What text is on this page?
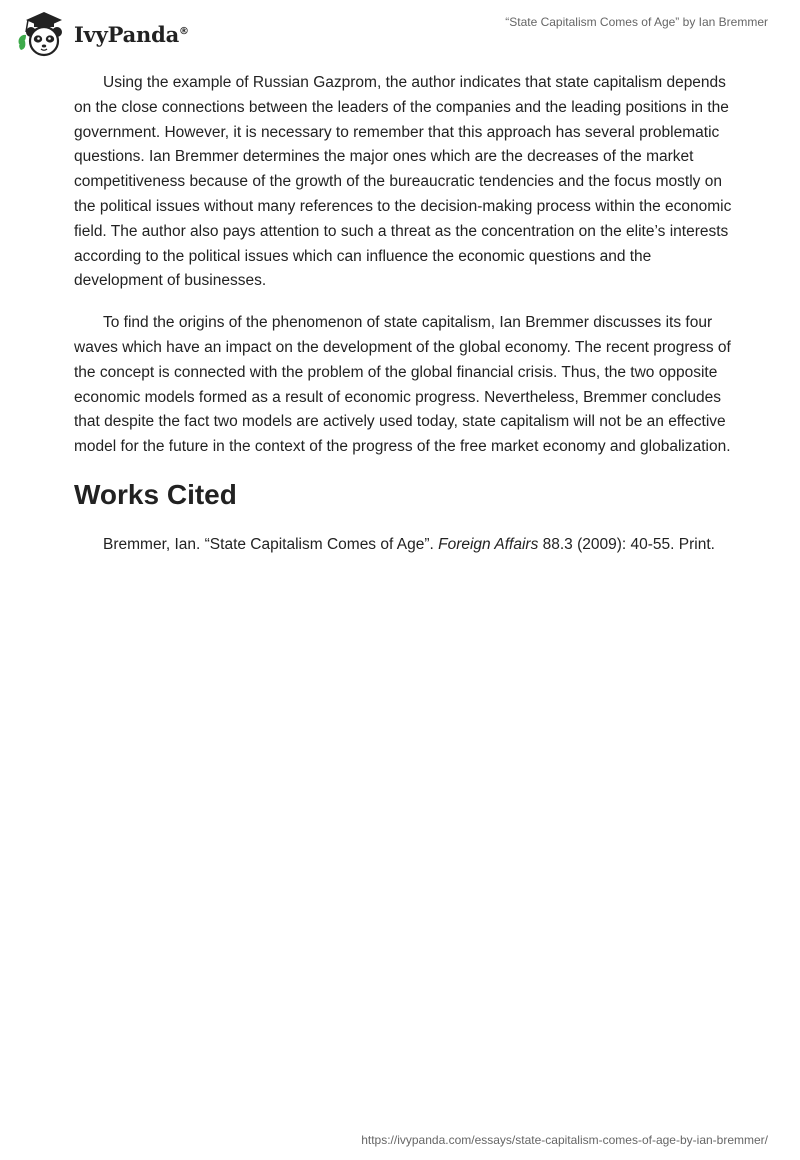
IvyPanda®
“State Capitalism Comes of Age” by Ian Bremmer

Using the example of Russian Gazprom, the author indicates that state capitalism depends on the close connections between the leaders of the companies and the leading positions in the government. However, it is necessary to remember that this approach has several problematic questions. Ian Bremmer determines the major ones which are the decreases of the market competitiveness because of the growth of the bureaucratic tendencies and the focus mostly on the political issues without many references to the decision-making process within the economic field. The author also pays attention to such a threat as the concentration on the elite’s interests according to the political issues which can influence the economic questions and the development of businesses.

To find the origins of the phenomenon of state capitalism, Ian Bremmer discusses its four waves which have an impact on the development of the global economy. The recent progress of the concept is connected with the problem of the global financial crisis. Thus, the two opposite economic models formed as a result of economic progress. Nevertheless, Bremmer concludes that despite the fact two models are actively used today, state capitalism will not be an effective model for the future in the context of the progress of the free market economy and globalization.

Works Cited

Bremmer, Ian. “State Capitalism Comes of Age”. Foreign Affairs 88.3 (2009): 40-55. Print.

https://ivypanda.com/essays/state-capitalism-comes-of-age-by-ian-bremmer/
